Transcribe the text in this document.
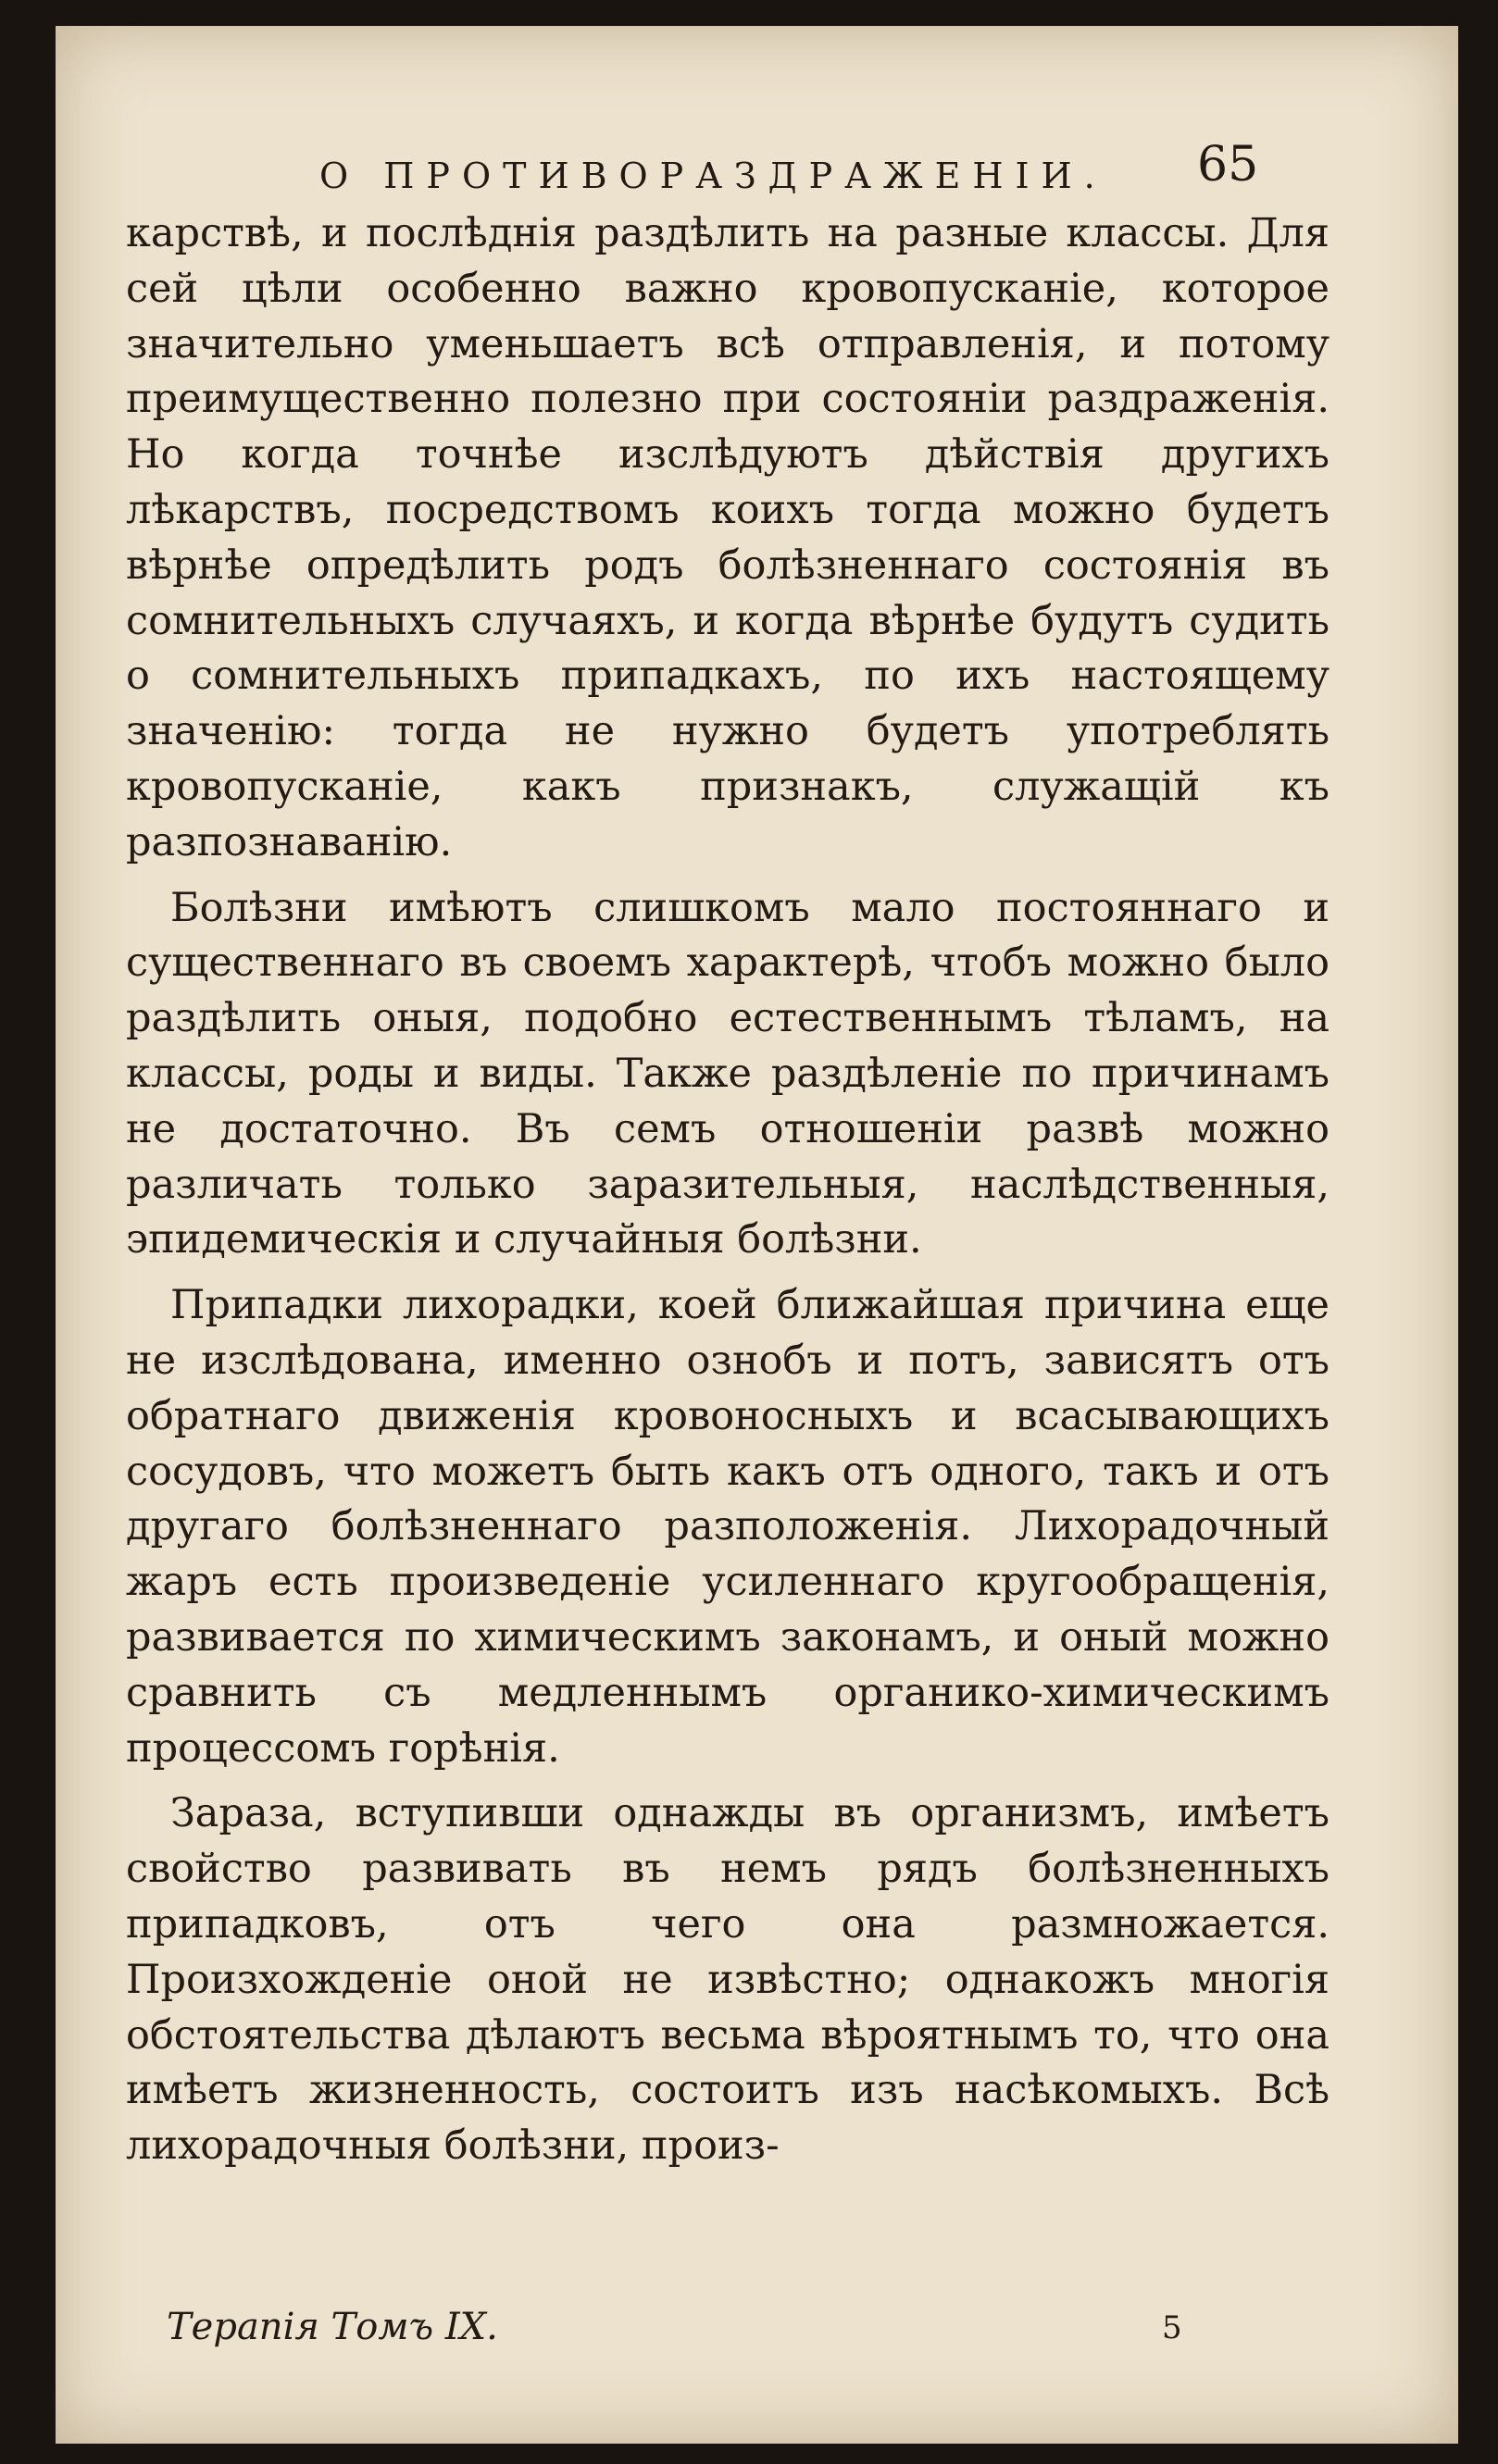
О ПРОТИВОРАЗДРАЖЕНІИ. 65

карствѣ, и послѣднія раздѣлить на разные классы. Для сей цѣли особенно важно кровопусканіе, которое значительно уменьшаетъ всѣ отправленія, и потому преимущественно полезно при состояніи раздраженія. Но когда точнѣе изслѣдуютъ дѣйствія другихъ лѣкарствъ, посредствомъ коихъ тогда можно будетъ вѣрнѣе опредѣлить родъ болѣзненнаго состоянія въ сомнительныхъ случаяхъ, и когда вѣрнѣе будутъ судить о сомнительныхъ припадкахъ, по ихъ настоящему значенію: тогда не нужно будетъ употреблять кровопусканіе, какъ признакъ, служащій къ разпознаванію.

Болѣзни имѣютъ слишкомъ мало постояннаго и существеннаго въ своемъ характерѣ, чтобъ можно было раздѣлить оныя, подобно естественнымъ тѣламъ, на классы, роды и виды. Также раздѣленіе по причинамъ не достаточно. Въ семъ отношеніи развѣ можно различать только заразительныя, наслѣдственныя, эпидемическія и случайныя болѣзни.

Припадки лихорадки, коей ближайшая причина еще не изслѣдована, именно ознобъ и потъ, зависятъ отъ обратнаго движенія кровоносныхъ и всасывающихъ сосудовъ, что можетъ быть какъ отъ одного, такъ и отъ другаго болѣзненнаго разположенія. Лихорадочный жаръ есть произведеніе усиленнаго кругообращенія, развивается по химическимъ законамъ, и оный можно сравнить съ медленнымъ органико-химическимъ процессомъ горѣнія.

Зараза, вступивши однажды въ организмъ, имѣетъ свойство развивать въ немъ рядъ болѣзненныхъ припадковъ, отъ чего она размножается. Произхожденіе оной не извѣстно; однакожъ многія обстоятельства дѣлаютъ весьма вѣроятнымъ то, что она имѣетъ жизненность, состоитъ изъ насѣкомыхъ. Всѣ лихорадочныя болѣзни, произ-

Терапія Томъ IX.	5
